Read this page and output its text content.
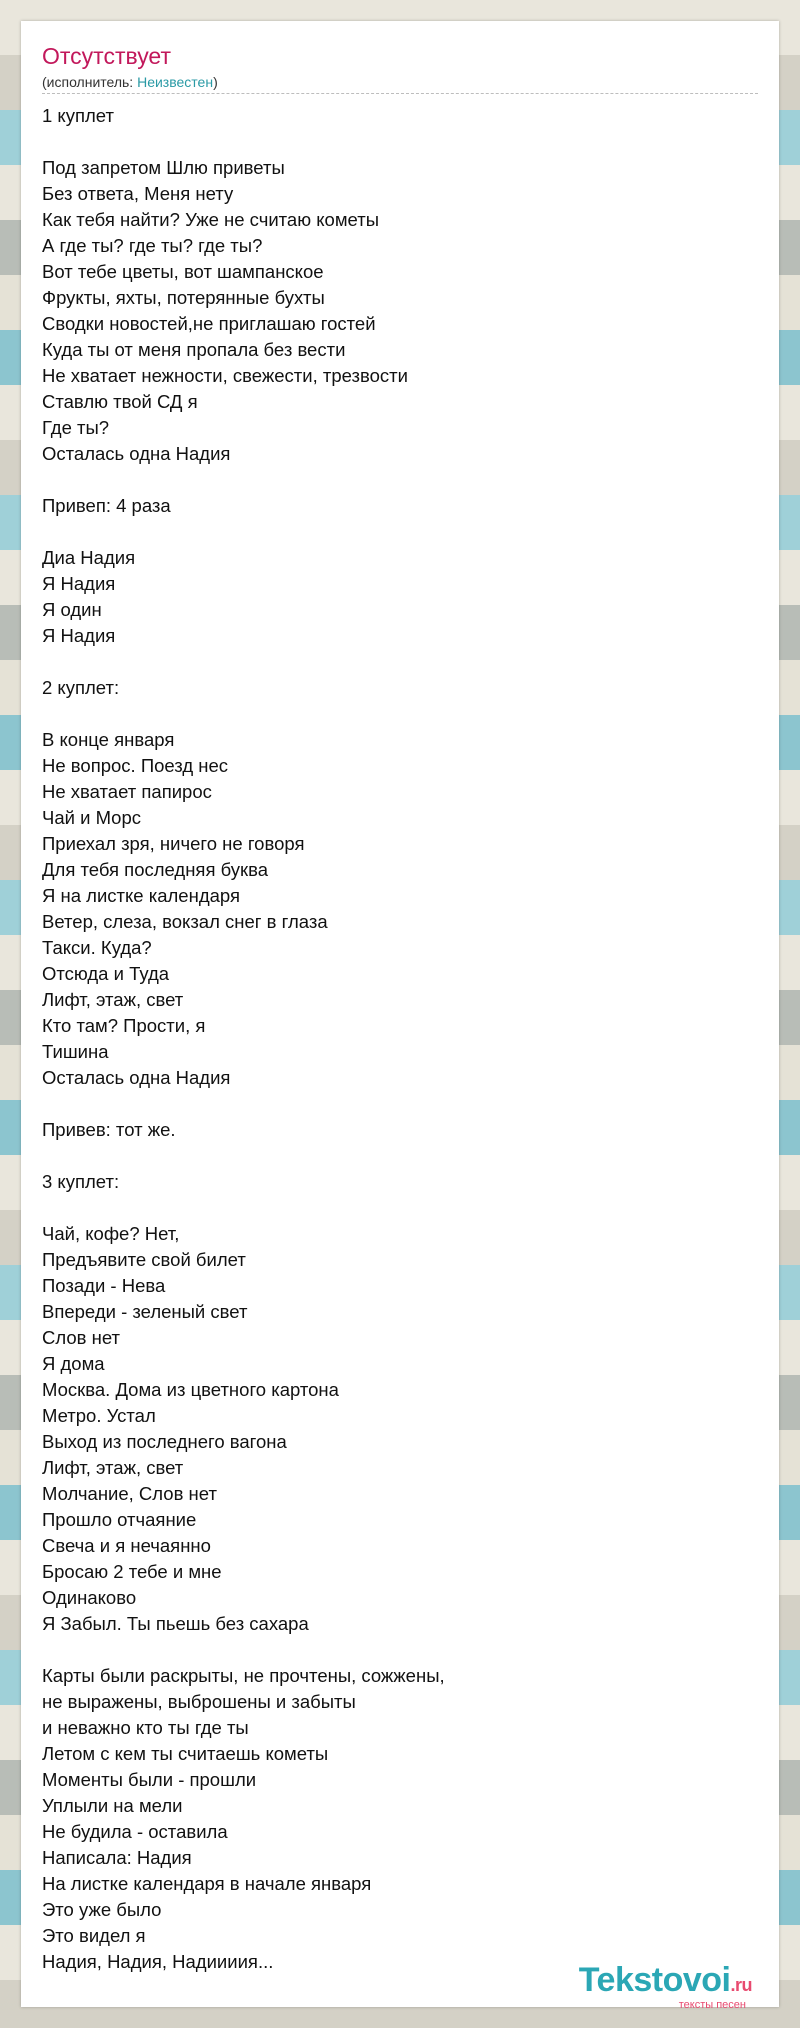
Отсутствует
(исполнитель: Неизвестен)
1 куплет
Под запретом Шлю приветы
Без ответа, Меня нету
Как тебя найти? Уже не считаю кометы
А где ты? где ты? где ты?
Вот тебе цветы, вот шампанское
Фрукты, яхты, потерянные бухты
Сводки новостей,не приглашаю гостей
Куда ты от меня пропала без вести
Не хватает нежности, свежести, трезвости
Ставлю твой СД я
Где ты?
Осталась одна Надия
Привеп: 4 раза
Диа Надия
Я Надия
Я один
Я Надия
2 куплет:
В конце января
Не вопрос. Поезд нес
Не хватает папирос
Чай и Морс
Приехал зря, ничего не говоря
Для тебя последняя буква
Я на листке календаря
Ветер, слеза, вокзал снег в глаза
Такси. Куда?
Отсюда и Туда
Лифт, этаж, свет
Кто там? Прости, я
Тишина
Осталась одна Надия
Привев: тот же.
3 куплет:
Чай, кофе? Нет,
Предъявите свой билет
Позади - Нева
Впереди - зеленый свет
Слов нет
Я дома
Москва. Дома из цветного картона
Метро. Устал
Выход из последнего вагона
Лифт, этаж, свет
Молчание, Слов нет
Прошло отчаяние
Свеча и я нечаянно
Бросаю 2 тебе и мне
Одинаково
Я Забыл. Ты пьешь без сахара
Карты были раскрыты, не прочтены, сожжены,
не выражены, выброшены и забыты
и неважно кто ты где ты
Летом с кем ты считаешь кометы
Моменты были - прошли
Уплыли на мели
Не будила - оставила
Написала: Надия
На листке календаря в начале января
Это уже было
Это видел я
Надия, Надия, Надиииия...	Tekstovoi.ru
тексты песен
